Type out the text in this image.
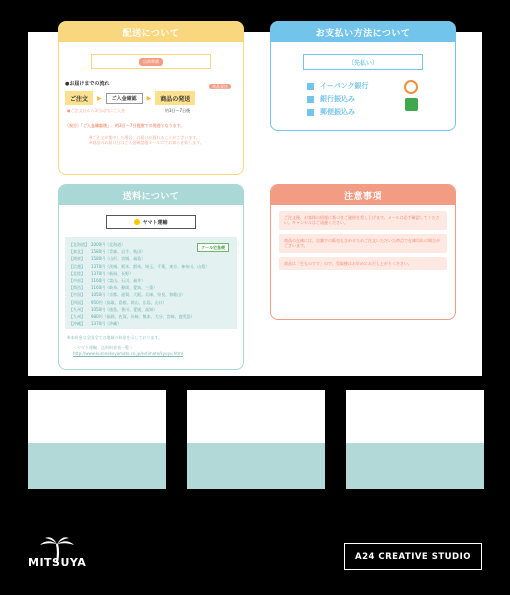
配送について
出荷準備
●お届けまでの流れ
ご注文	▶	ご入金確認	▶	商品の発送
商品発送
●ご注文日から3日以内にご入金	約3日〜7日後
〈祝日〉「ご入金確認後」、約3日〜7日程度での発送となります。
※ご注文が集中した場合、お届けが遅れることがございます。
※商品のお届け日はご入金確認後メールにてお知らせ致します。
お支払い方法について
〔先払い〕
イーバンク銀行
銀行振込み
郵便振込み
送料について
ヤマト運輸
【北海道】 2000円（北海道）
【東北】 1580円（青森、岩手、秋田）
【関東】 1580円（山形、宮城、福島）
【信越】 1370円（茨城、栃木、群馬、埼玉、千葉、東京、神奈川、山梨）
【北陸】 1370円（新潟、長野）
【中部】 1160円（富山、石川、福井）
【関西】 1160円（岐阜、静岡、愛知、三重）
【中国】 1050円（京都、滋賀、大阪、兵庫、奈良、和歌山）
【四国】 950円（鳥取、島根、岡山、広島、山口）
【九州】 1050円（徳島、香川、愛媛、高知）
【九州】 980円（福岡、佐賀、長崎、熊本、大分、宮崎、鹿児島）
【沖縄】 1370円（沖縄）
クール宅急便
※本料金は全国全ての地域の料金を示しております。
＜ヤマト運輸：送料料金表一覧＞
http://www.kuronekoyamato.co.jp/estimate/kyuyu.html
注意事項
ご注文後、お客様の情報に基づきご連絡を差し上げます。メールは必ず確認してください。キャンセルはご遠慮ください。
商品の在庫には、店舗での販売も含めるためご注文いただいた時点で在庫切れの場合がございます。
商品は「生ものです」ので、受取後はお早めにお召し上がりください。
MITSUYA	A24 CREATIVE STUDIO
